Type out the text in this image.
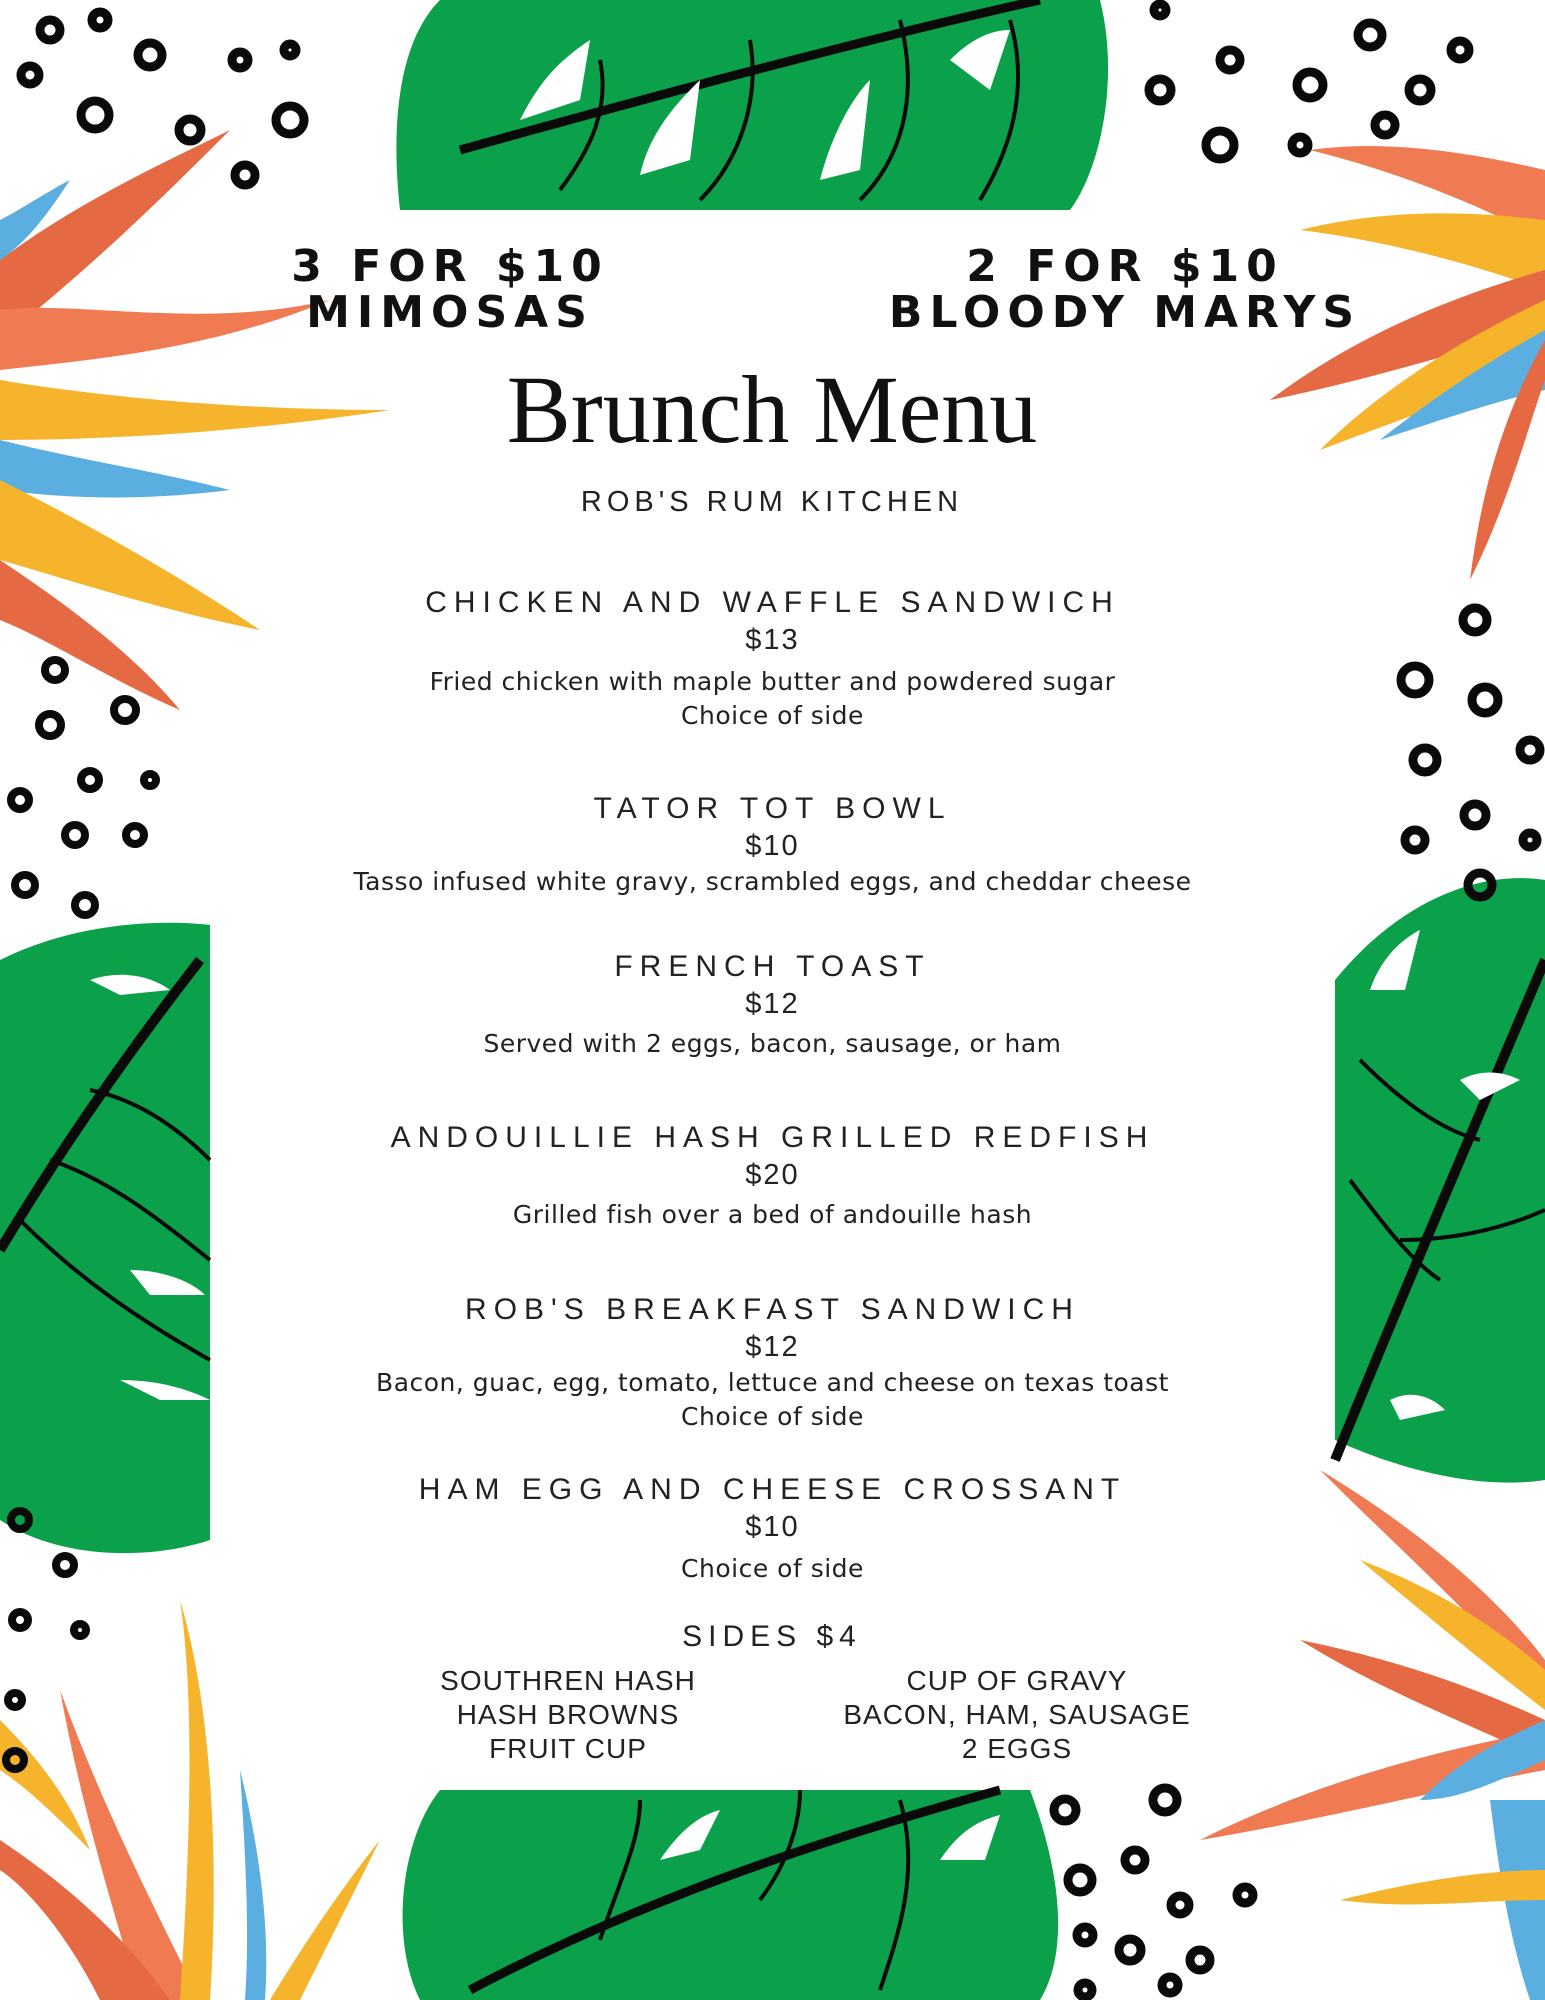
3 FOR $10
MIMOSAS
2 FOR $10
BLOODY MARYS
Brunch Menu
ROB'S RUM KITCHEN
CHICKEN AND WAFFLE SANDWICH
$13
Fried chicken with maple butter and powdered sugar
Choice of side
TATOR TOT BOWL
$10
Tasso infused white gravy, scrambled eggs, and cheddar cheese
FRENCH TOAST
$12
Served with 2 eggs, bacon, sausage, or ham
ANDOUILLIE HASH GRILLED REDFISH
$20
Grilled fish over a bed of andouille hash
ROB'S BREAKFAST SANDWICH
$12
Bacon, guac, egg, tomato, lettuce and cheese on texas toast
Choice of side
HAM EGG AND CHEESE CROSSANT
$10
Choice of side
SIDES $4
SOUTHREN HASH
HASH BROWNS
FRUIT CUP
CUP OF GRAVY
BACON, HAM, SAUSAGE
2 EGGS
